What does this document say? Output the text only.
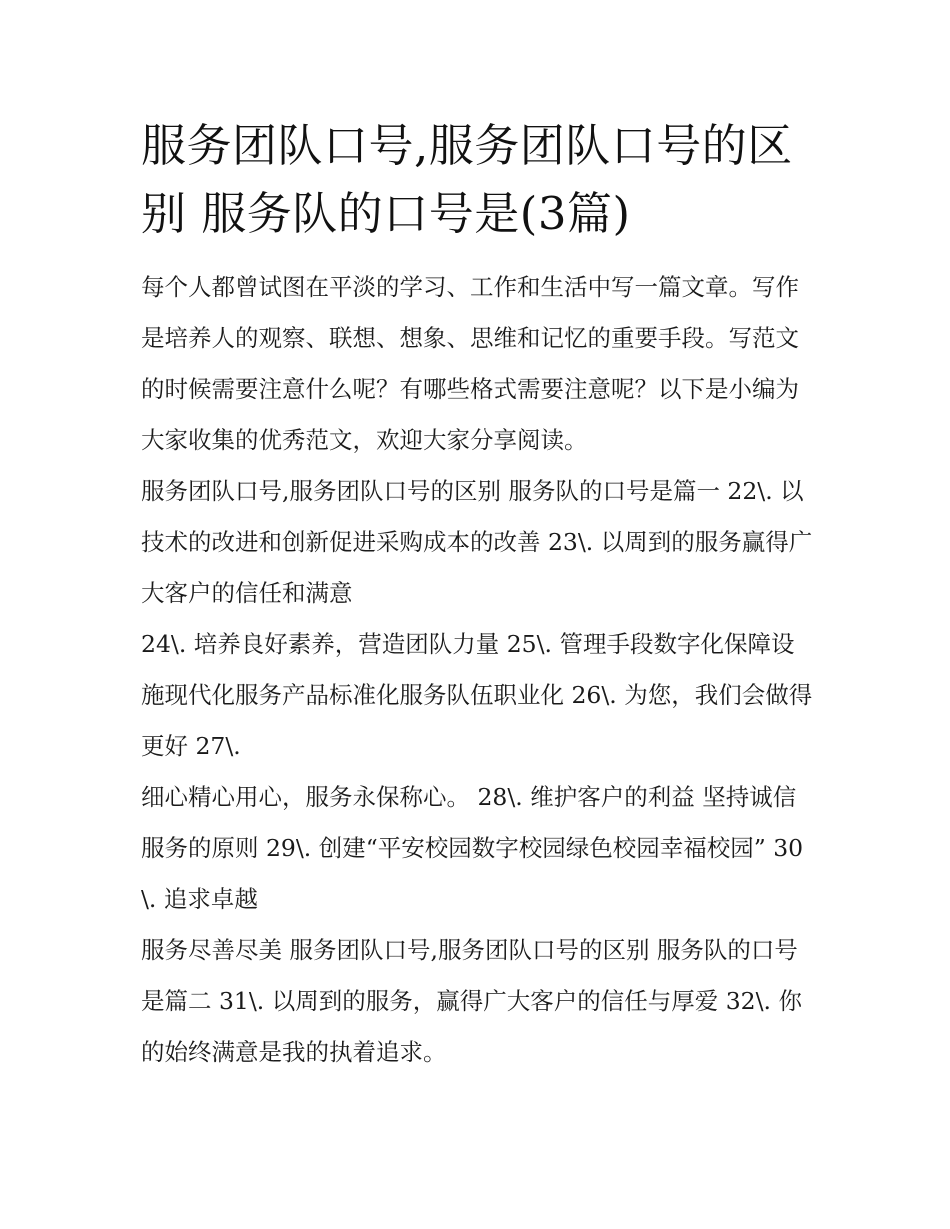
服务团队口号,服务团队口号的区别 服务队的口号是(3篇)

每个人都曾试图在平淡的学习、工作和生活中写一篇文章。写作是培养人的观察、联想、想象、思维和记忆的重要手段。写范文的时候需要注意什么呢？有哪些格式需要注意呢？以下是小编为大家收集的优秀范文，欢迎大家分享阅读。

服务团队口号,服务团队口号的区别 服务队的口号是篇一 22\. 以技术的改进和创新促进采购成本的改善 23\. 以周到的服务赢得广大客户的信任和满意

24\. 培养良好素养，营造团队力量 25\. 管理手段数字化保障设施现代化服务产品标准化服务队伍职业化 26\. 为您，我们会做得更好 27\.

细心精心用心，服务永保称心。 28\. 维护客户的利益 坚持诚信服务的原则 29\. 创建“平安校园数字校园绿色校园幸福校园” 30\. 追求卓越

服务尽善尽美 服务团队口号,服务团队口号的区别 服务队的口号是篇二 31\. 以周到的服务，赢得广大客户的信任与厚爱 32\. 你的始终满意是我的执着追求。
